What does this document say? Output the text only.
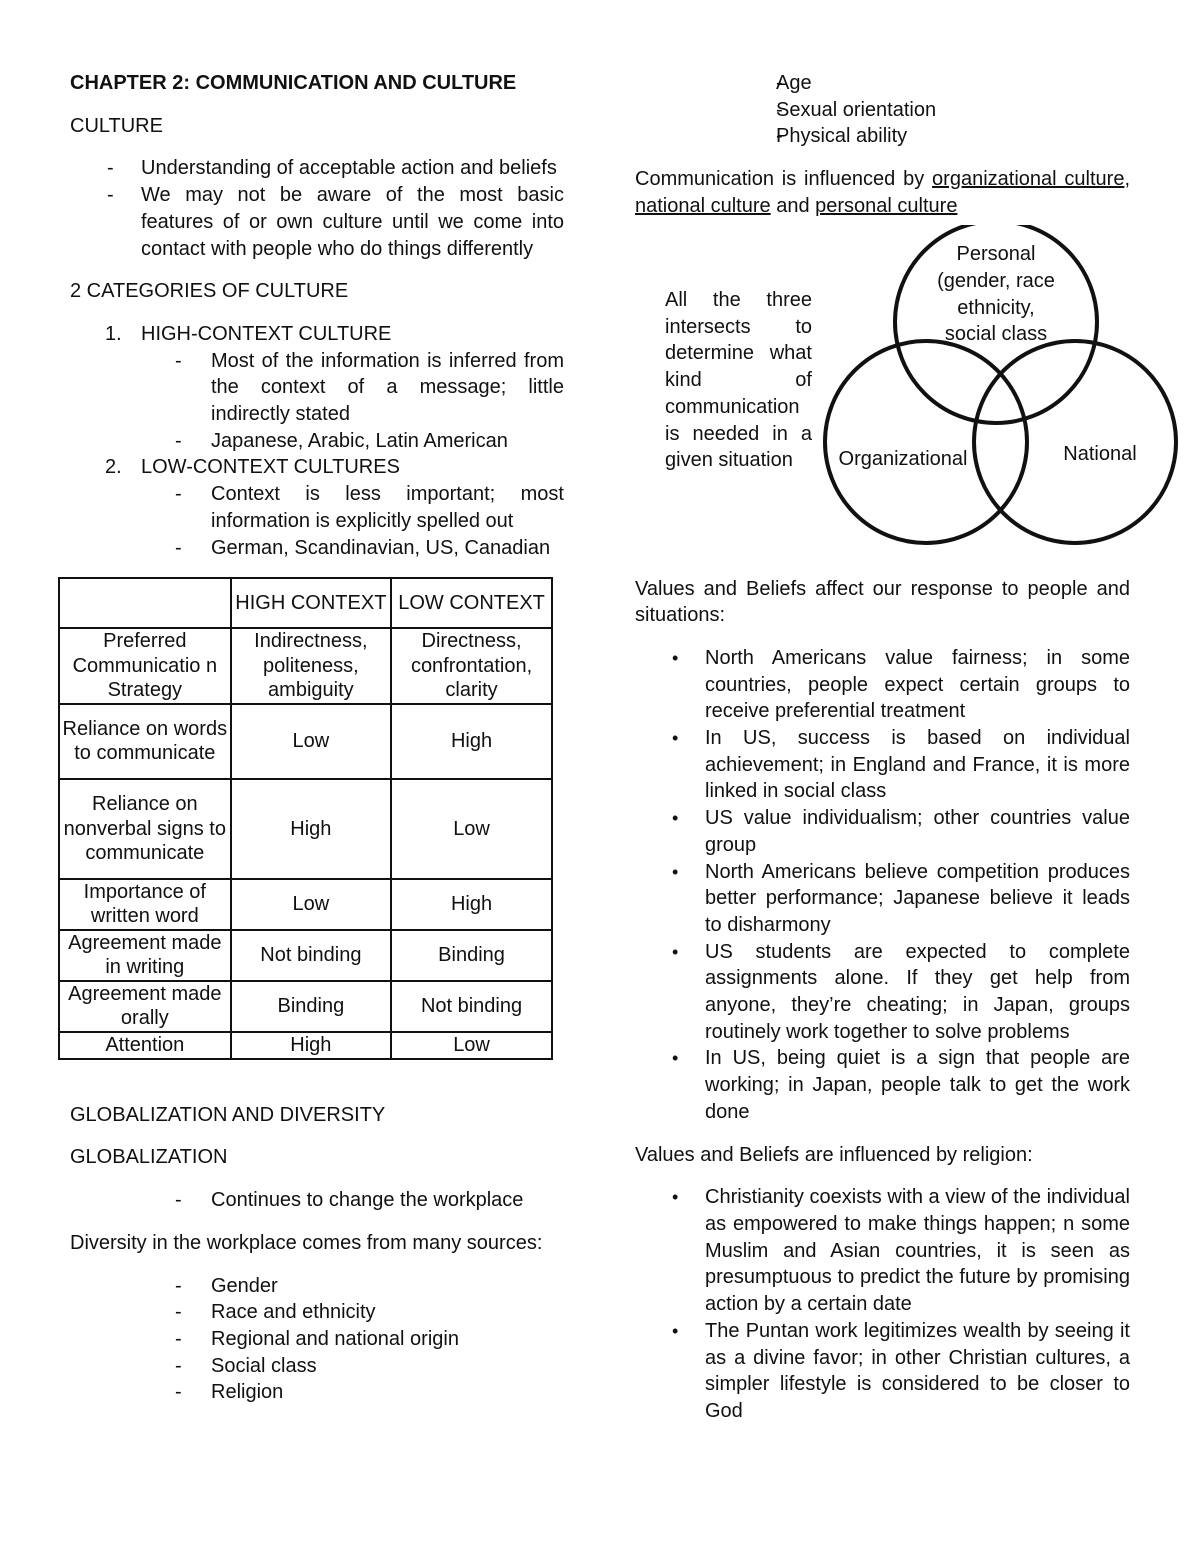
CHAPTER 2: COMMUNICATION AND CULTURE

CULTURE

- Understanding of acceptable action and beliefs
- We may not be aware of the most basic features of or own culture until we come into contact with people who do things differently

2 CATEGORIES OF CULTURE

1. HIGH-CONTEXT CULTURE
- Most of the information is inferred from the context of a message; little indirectly stated
- Japanese, Arabic, Latin American
2. LOW-CONTEXT CULTURES
- Context is less important; most information is explicitly spelled out
- German, Scandinavian, US, Canadian
	HIGH CONTEXT	LOW CONTEXT
Preferred Communicatio n Strategy	Indirectness, politeness, ambiguity	Directness, confrontation, clarity
Reliance on words to communicate	Low	High
Reliance on nonverbal signs to communicate	High	Low
Importance of written word	Low	High
Agreement made in writing	Not binding	Binding
Agreement made orally	Binding	Not binding
Attention	High	Low

GLOBALIZATION AND DIVERSITY

GLOBALIZATION

- Continues to change the workplace

Diversity in the workplace comes from many sources:

- Gender
- Race and ethnicity
- Regional and national origin
- Social class
- Religion
- Age
- Sexual orientation
- Physical ability

Communication is influenced by organizational culture, national culture and personal culture

Values and Beliefs affect our response to people and situations:

• North Americans value fairness; in some countries, people expect certain groups to receive preferential treatment
• In US, success is based on individual achievement; in England and France, it is more linked in social class
• US value individualism; other countries value group
• North Americans believe competition produces better performance; Japanese believe it leads to disharmony
• US students are expected to complete assignments alone. If they get help from anyone, they’re cheating; in Japan, groups routinely work together to solve problems
• In US, being quiet is a sign that people are working; in Japan, people talk to get the work done

Values and Beliefs are influenced by religion:

• Christianity coexists with a view of the individual as empowered to make things happen; n some Muslim and Asian countries, it is seen as presumptuous to predict the future by promising action by a certain date
• The Puntan work legitimizes wealth by seeing it as a divine favor; in other Christian cultures, a simpler lifestyle is considered to be closer to God

All the three intersects to determine what kind of communication is needed in a given situation

Personal
(gender, race
ethnicity,
social class
Organizational	National
